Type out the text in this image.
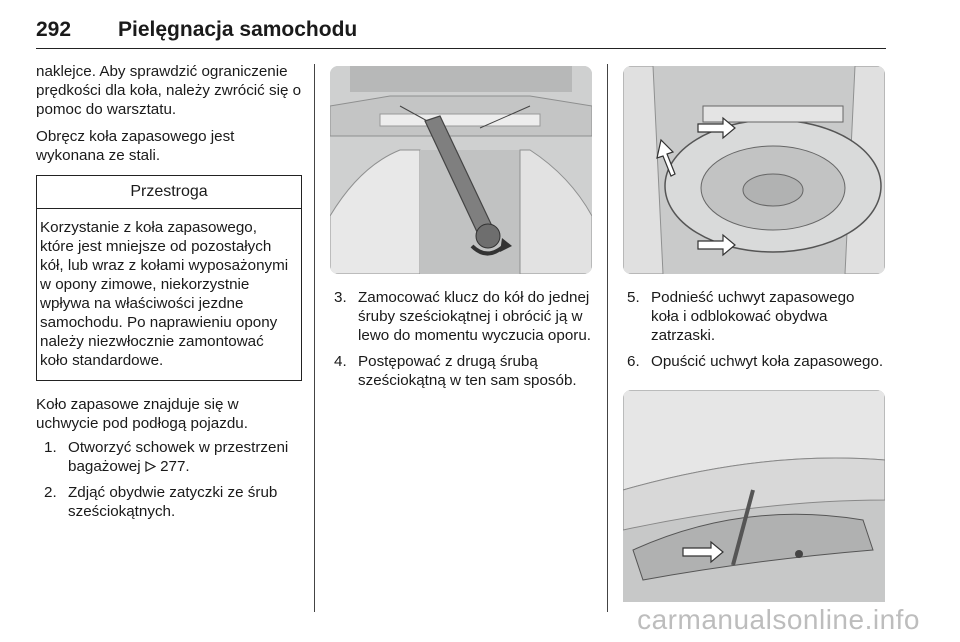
292 Pielęgnacja samochodu

naklejce. Aby sprawdzić ograniczenie prędkości dla koła, należy zwrócić się o pomoc do warsztatu.

Obręcz koła zapasowego jest wykonana ze stali.

Przestroga
Korzystanie z koła zapasowego, które jest mniejsze od pozostałych kół, lub wraz z kołami wyposażonymi w opony zimowe, niekorzystnie wpływa na właściwości jezdne samochodu. Po naprawieniu opony należy niezwłocznie zamontować koło standardowe.

Koło zapasowe znajduje się w uchwycie pod podłogą pojazdu.

1. Otworzyć schowek w przestrzeni bagażowej 277.
2. Zdjąć obydwie zatyczki ze śrub sześciokątnych.
3. Zamocować klucz do kół do jednej śruby sześciokątnej i obrócić ją w lewo do momentu wyczucia oporu.
4. Postępować z drugą śrubą sześciokątną w ten sam sposób.
5. Podnieść uchwyt zapasowego koła i odblokować obydwa zatrzaski.
6. Opuścić uchwyt koła zapasowego.
carmanualsonline.info
